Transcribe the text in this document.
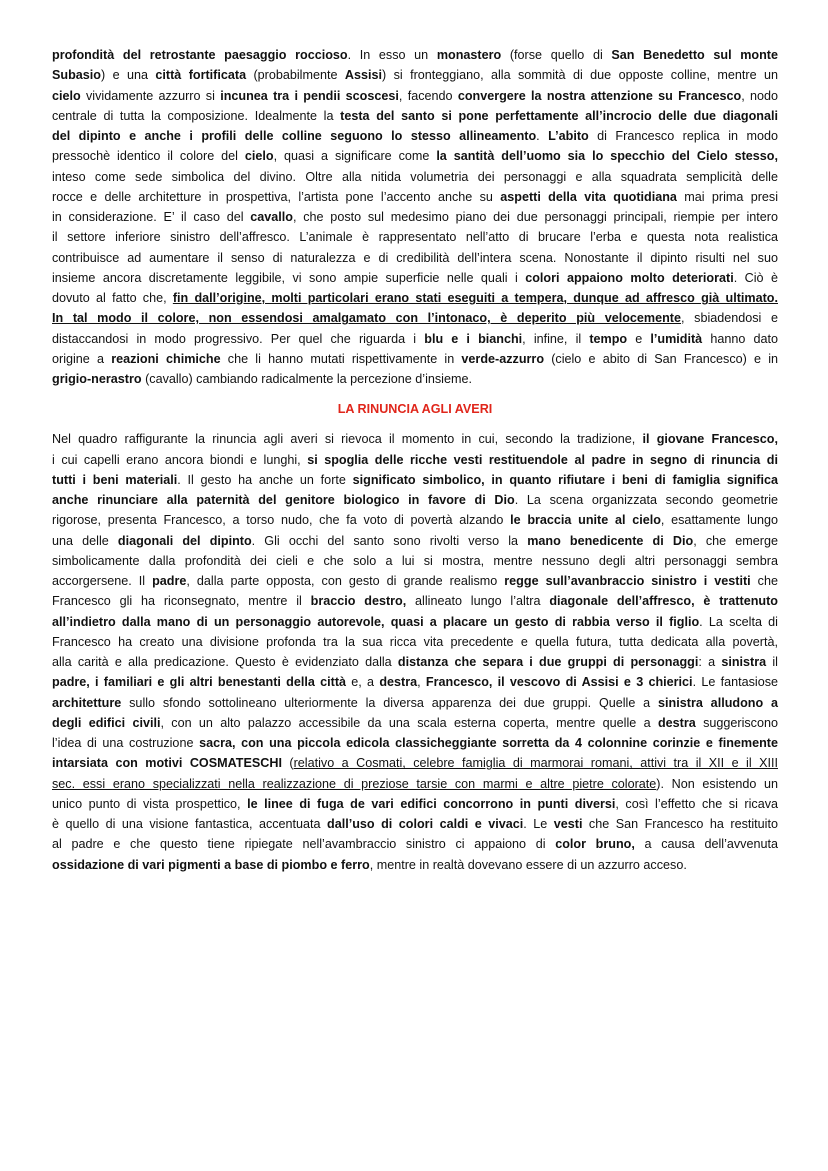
profondità del retrostante paesaggio roccioso. In esso un monastero (forse quello di San Benedetto sul monte
Subasio) e una città fortificata (probabilmente Assisi) si fronteggiano, alla sommità di due opposte colline, mentre un
cielo vividamente azzurro si incunea tra i pendii scoscesi, facendo convergere la nostra attenzione su Francesco, nodo
centrale di tutta la composizione. Idealmente la testa del santo si pone perfettamente all’incrocio delle due diagonali
del dipinto e anche i profili delle colline seguono lo stesso allineamento. L’abito di Francesco replica in modo
pressochè identico il colore del cielo, quasi a significare come la santità dell’uomo sia lo specchio del Cielo stesso,
inteso come sede simbolica del divino. Oltre alla nitida volumetria dei personaggi e alla squadrata semplicità delle
rocce e delle architetture in prospettiva, l’artista pone l’accento anche su aspetti della vita quotidiana mai prima presi
in considerazione. E’ il caso del cavallo, che posto sul medesimo piano dei due personaggi principali, riempie per intero
il settore inferiore sinistro dell’affresco. L’animale è rappresentato nell’atto di brucare l’erba e questa nota realistica
contribuisce ad aumentare il senso di naturalezza e di credibilità dell’intera scena. Nonostante il dipinto risulti nel suo
insieme ancora discretamente leggibile, vi sono ampie superficie nelle quali i colori appaiono molto deteriorati. Ciò è
dovuto al fatto che, fin dall’origine, molti particolari erano stati eseguiti a tempera, dunque ad affresco già ultimato.
In tal modo il colore, non essendosi amalgamato con l’intonaco, è deperito più velocemente, sbiadendosi e
distaccandosi in modo progressivo. Per quel che riguarda i blu e i bianchi, infine, il tempo e l’umidità hanno dato
origine a reazioni chimiche che li hanno mutati rispettivamente in verde-azzurro (cielo e abito di San Francesco) e in
grigio-nerastro (cavallo) cambiando radicalmente la percezione d’insieme.
LA RINUNCIA AGLI AVERI
Nel quadro raffigurante la rinuncia agli averi si rievoca il momento in cui, secondo la tradizione, il giovane Francesco,
i cui capelli erano ancora biondi e lunghi, si spoglia delle ricche vesti restituendole al padre in segno di rinuncia di
tutti i beni materiali. Il gesto ha anche un forte significato simbolico, in quanto rifiutare i beni di famiglia significa
anche rinunciare alla paternità del genitore biologico in favore di Dio. La scena organizzata secondo geometrie
rigorose, presenta Francesco, a torso nudo, che fa voto di povertà alzando le braccia unite al cielo, esattamente lungo
una delle diagonali del dipinto. Gli occhi del santo sono rivolti verso la mano benedicente di Dio, che emerge
simbolicamente dalla profondità dei cieli e che solo a lui si mostra, mentre nessuno degli altri personaggi sembra
accorgersene. Il padre, dalla parte opposta, con gesto di grande realismo regge sull’avanbraccio sinistro i vestiti che
Francesco gli ha riconsegnato, mentre il braccio destro, allineato lungo l’altra diagonale dell’affresco, è trattenuto
all’indietro dalla mano di un personaggio autorevole, quasi a placare un gesto di rabbia verso il figlio. La scelta di
Francesco ha creato una divisione profonda tra la sua ricca vita precedente e quella futura, tutta dedicata alla povertà,
alla carità e alla predicazione. Questo è evidenziato dalla distanza che separa i due gruppi di personaggi: a sinistra il
padre, i familiari e gli altri benestanti della città e, a destra, Francesco, il vescovo di Assisi e 3 chierici. Le fantasiose
architetture sullo sfondo sottolineano ulteriormente la diversa apparenza dei due gruppi. Quelle a sinistra alludono a
degli edifici civili, con un alto palazzo accessibile da una scala esterna coperta, mentre quelle a destra suggeriscono
l’idea di una costruzione sacra, con una piccola edicola classicheggiante sorretta da 4 colonnine corinzie e finemente
intarsiata con motivi COSMATESCHI (relativo a Cosmati, celebre famiglia di marmorai romani, attivi tra il XII e il XIII
sec. essi erano specializzati nella realizzazione di preziose tarsie con marmi e altre pietre colorate). Non esistendo un
unico punto di vista prospettico, le linee di fuga de vari edifici concorrono in punti diversi, così l’effetto che si ricava
è quello di una visione fantastica, accentuata dall’uso di colori caldi e vivaci. Le vesti che San Francesco ha restituito
al padre e che questo tiene ripiegate nell’avambraccio sinistro ci appaiono di color bruno, a causa dell’avvenuta
ossidazione di vari pigmenti a base di piombo e ferro, mentre in realtà dovevano essere di un azzurro acceso.
